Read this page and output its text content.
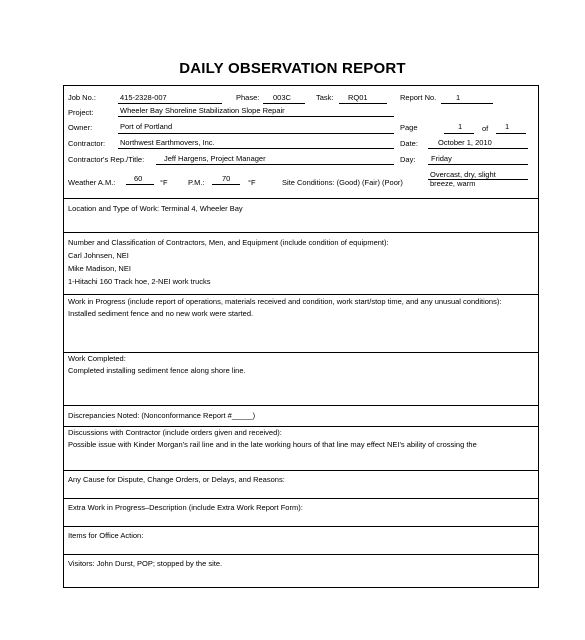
DAILY OBSERVATION REPORT
Job No.:	415-2328-007	Phase: 003C	Task: RQ01	Report No.	1
Project:	Wheeler Bay Shoreline Stabilization Slope Repair
Owner:	Port of Portland	Page	1	of 1
Contractor: Northwest Earthmovers, Inc.	Date:	October 1, 2010
Contractor's Rep./Title:	Jeff Hargens, Project Manager	Day: Friday
Weather A.M.: 60 °F	P.M.: 70 °F	Site Conditions: (Good) (Fair) (Poor)
Overcast, dry, slight
breeze, warm
Location and Type of Work: Terminal 4, Wheeler Bay
Number and Classification of Contractors, Men, and Equipment (include condition of equipment):
Carl Johnsen, NEI
Mike Madison, NEI
1-Hitachi 160 Track hoe, 2-NEI work trucks
Work in Progress (include report of operations, materials received and condition, work start/stop time, and any unusual conditions):
Installed sediment fence and no new work were started.
Work Completed:
Completed installing sediment fence along shore line.
Discrepancies Noted: (Nonconformance Report #_____)
Discussions with Contractor (include orders given and received):
Possible issue with Kinder Morgan's rail line and in the late working hours of that line may effect NEI's ability of crossing the
Any Cause for Dispute, Change Orders, or Delays, and Reasons:
Extra Work in Progress–Description (include Extra Work Report Form):
Items for Office Action:
Visitors: John Durst, POP; stopped by the site.
